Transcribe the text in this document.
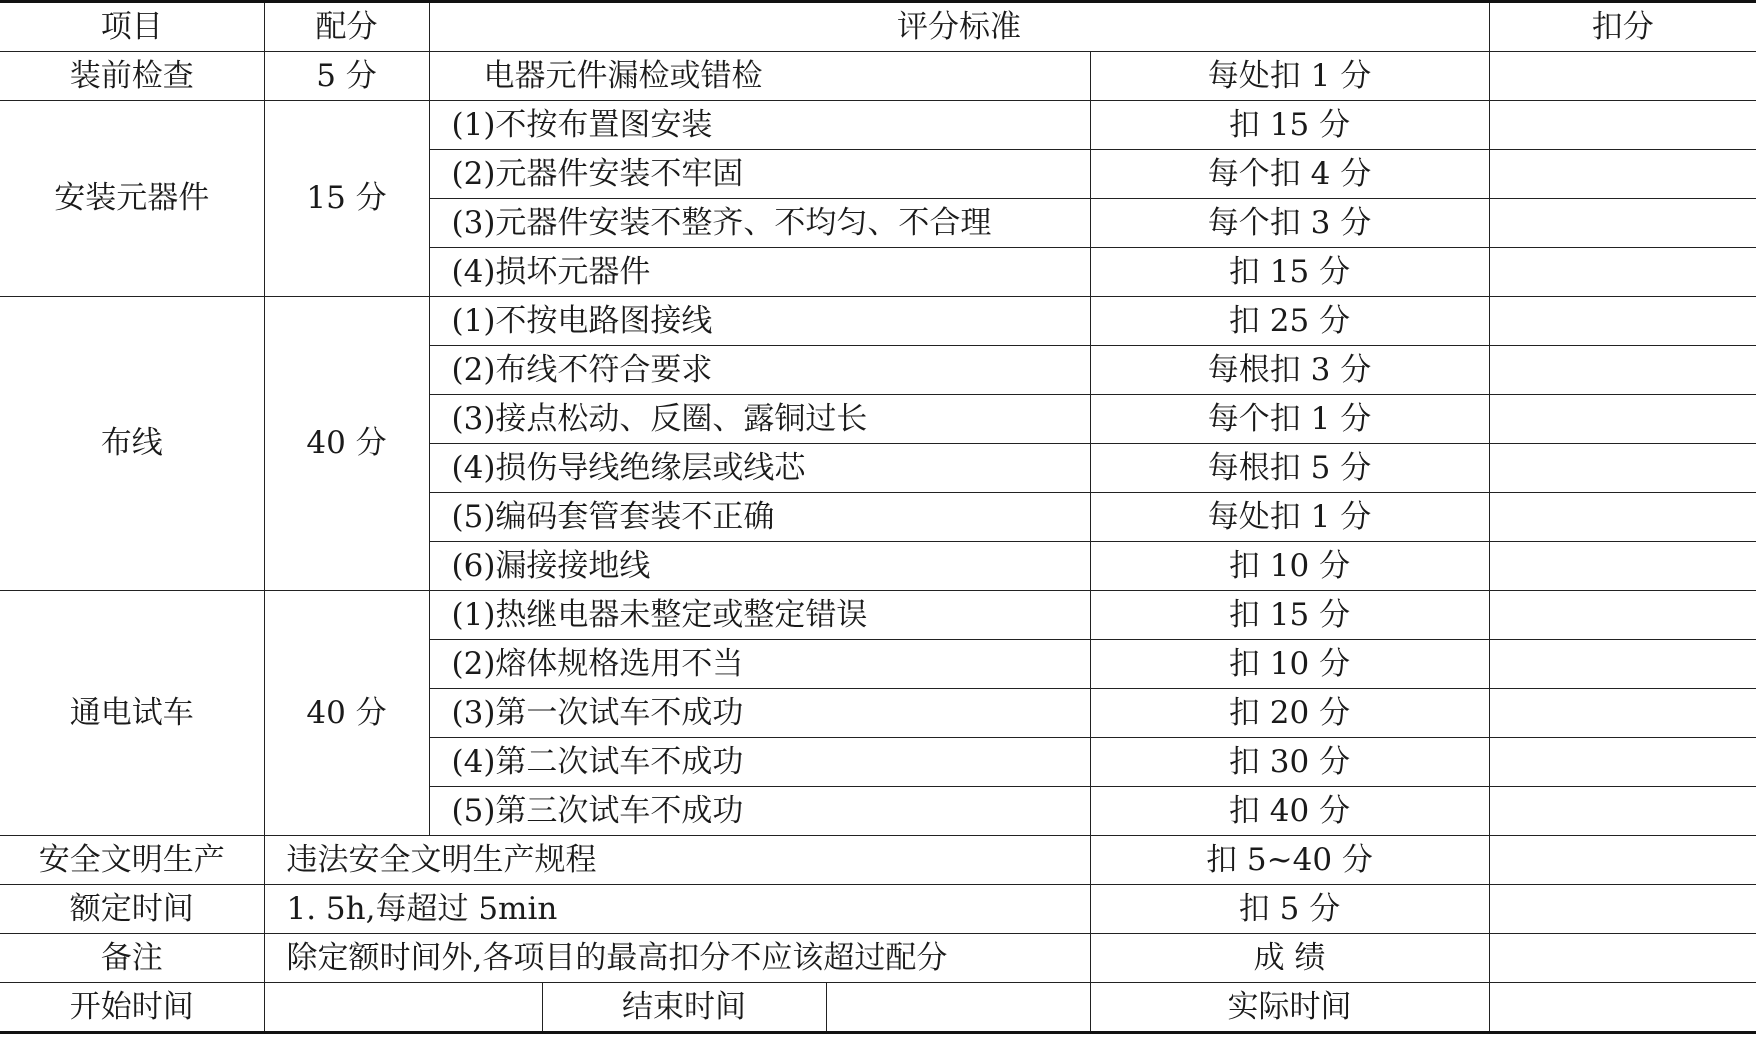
项目	配分	评分标准				扣分
装前检查	5 分	电器元件漏检或错检			每处扣 1 分	
安装元器件	15 分	(1)不按布置图安装			扣 15 分	
		(2)元器件安装不牢固			每个扣 4 分	
		(3)元器件安装不整齐、不均匀、不合理			每个扣 3 分	
		(4)损坏元器件			扣 15 分	
布线	40 分	(1)不按电路图接线			扣 25 分	
		(2)布线不符合要求			每根扣 3 分	
		(3)接点松动、反圈、露铜过长			每个扣 1 分	
		(4)损伤导线绝缘层或线芯			每根扣 5 分	
		(5)编码套管套装不正确			每处扣 1 分	
		(6)漏接接地线			扣 10 分	
通电试车	40 分	(1)热继电器未整定或整定错误			扣 15 分	
		(2)熔体规格选用不当			扣 10 分	
		(3)第一次试车不成功			扣 20 分	
		(4)第二次试车不成功			扣 30 分	
		(5)第三次试车不成功			扣 40 分	
安全文明生产	违法安全文明生产规程				扣 5~40 分	
额定时间	1. 5h,每超过 5min				扣 5 分	
备注	除定额时间外,各项目的最高扣分不应该超过配分				成 绩	
开始时间			结束时间		实际时间	
